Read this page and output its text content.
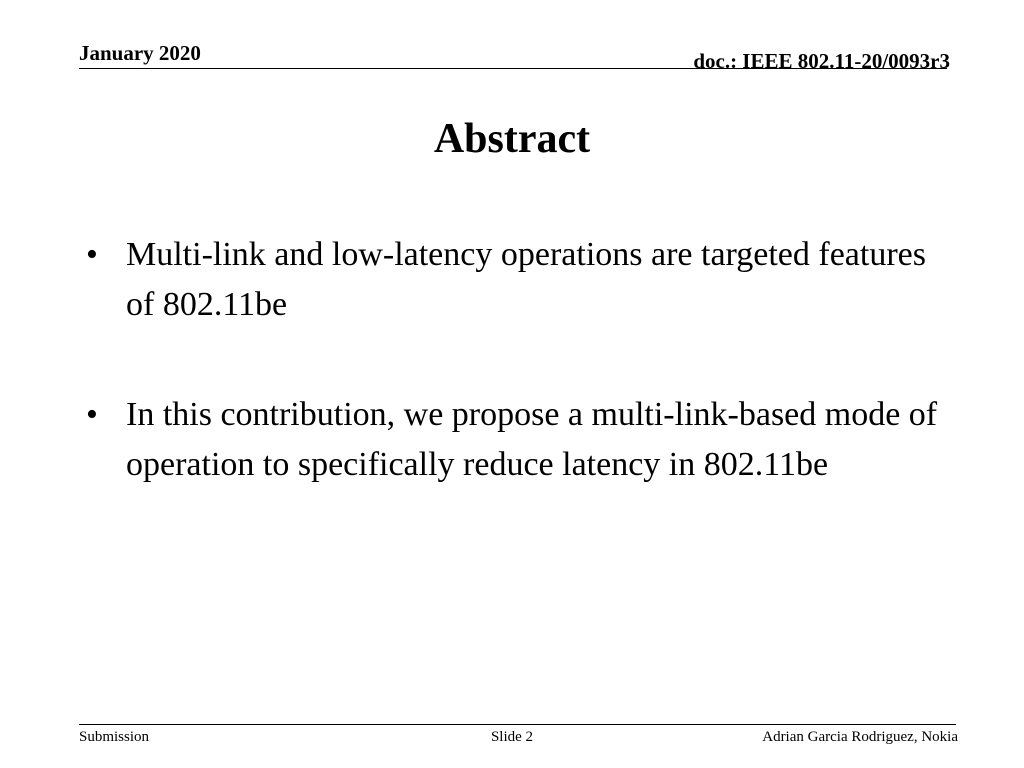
January 2020	doc.: IEEE 802.11-20/0093r3
Abstract
• Multi-link and low-latency operations are targeted features of 802.11be
• In this contribution, we propose a multi-link-based mode of operation to specifically reduce latency in 802.11be
Submission	Slide 2	Adrian Garcia Rodriguez, Nokia
